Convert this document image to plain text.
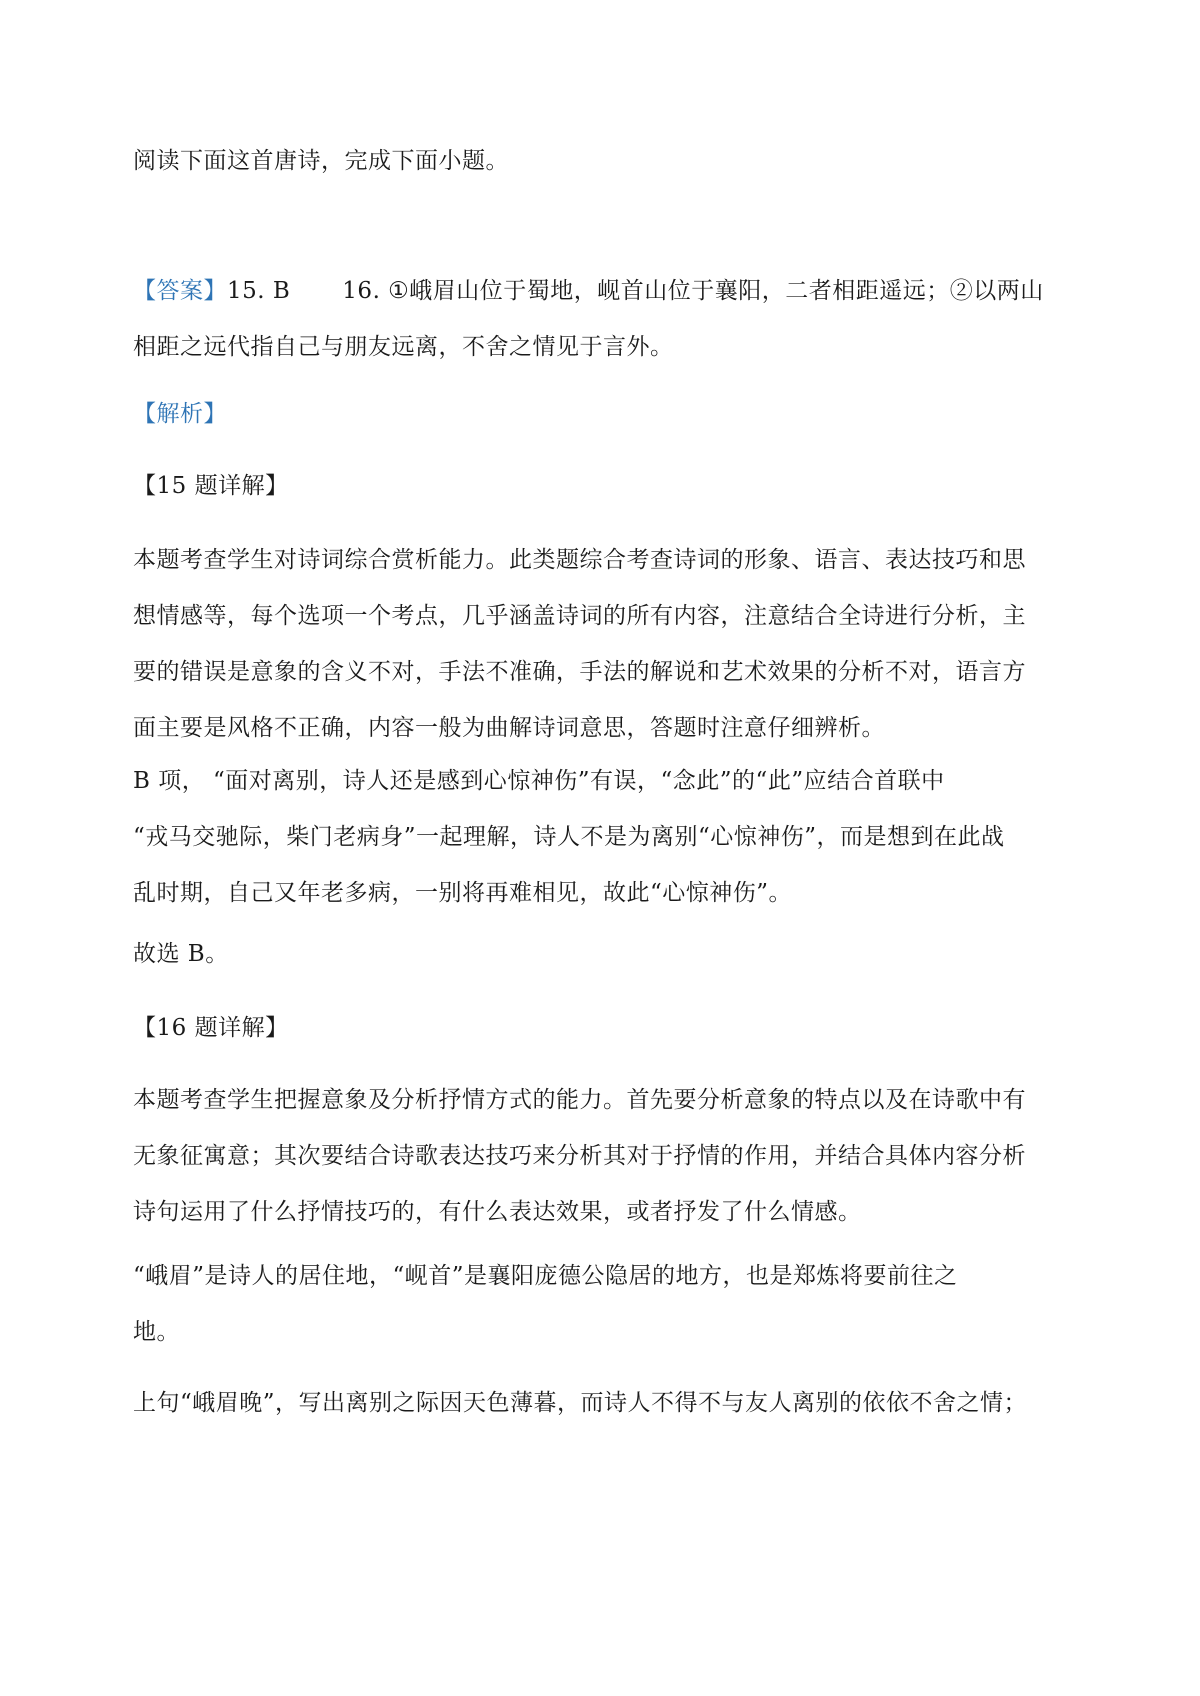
阅读下面这首唐诗，完成下面小题。

【答案】15. B 16. ①峨眉山位于蜀地，岘首山位于襄阳，二者相距遥远；②以两山
相距之远代指自己与朋友远离，不舍之情见于言外。

【解析】

【15 题详解】

本题考查学生对诗词综合赏析能力。此类题综合考查诗词的形象、语言、表达技巧和思
想情感等，每个选项一个考点，几乎涵盖诗词的所有内容，注意结合全诗进行分析，主
要的错误是意象的含义不对，手法不准确，手法的解说和艺术效果的分析不对，语言方
面主要是风格不正确，内容一般为曲解诗词意思，答题时注意仔细辨析。

B 项， “面对离别，诗人还是感到心惊神伤”有误，“念此”的“此”应结合首联中
“戎马交驰际，柴门老病身”一起理解，诗人不是为离别“心惊神伤”，而是想到在此战
乱时期，自己又年老多病，一别将再难相见，故此“心惊神伤”。

故选 B。

【16 题详解】

本题考查学生把握意象及分析抒情方式的能力。首先要分析意象的特点以及在诗歌中有
无象征寓意；其次要结合诗歌表达技巧来分析其对于抒情的作用，并结合具体内容分析
诗句运用了什么抒情技巧的，有什么表达效果，或者抒发了什么情感。

“峨眉”是诗人的居住地，“岘首”是襄阳庞德公隐居的地方，也是郑炼将要前往之
地。

上句“峨眉晚”，写出离别之际因天色薄暮，而诗人不得不与友人离别的依依不舍之情；
